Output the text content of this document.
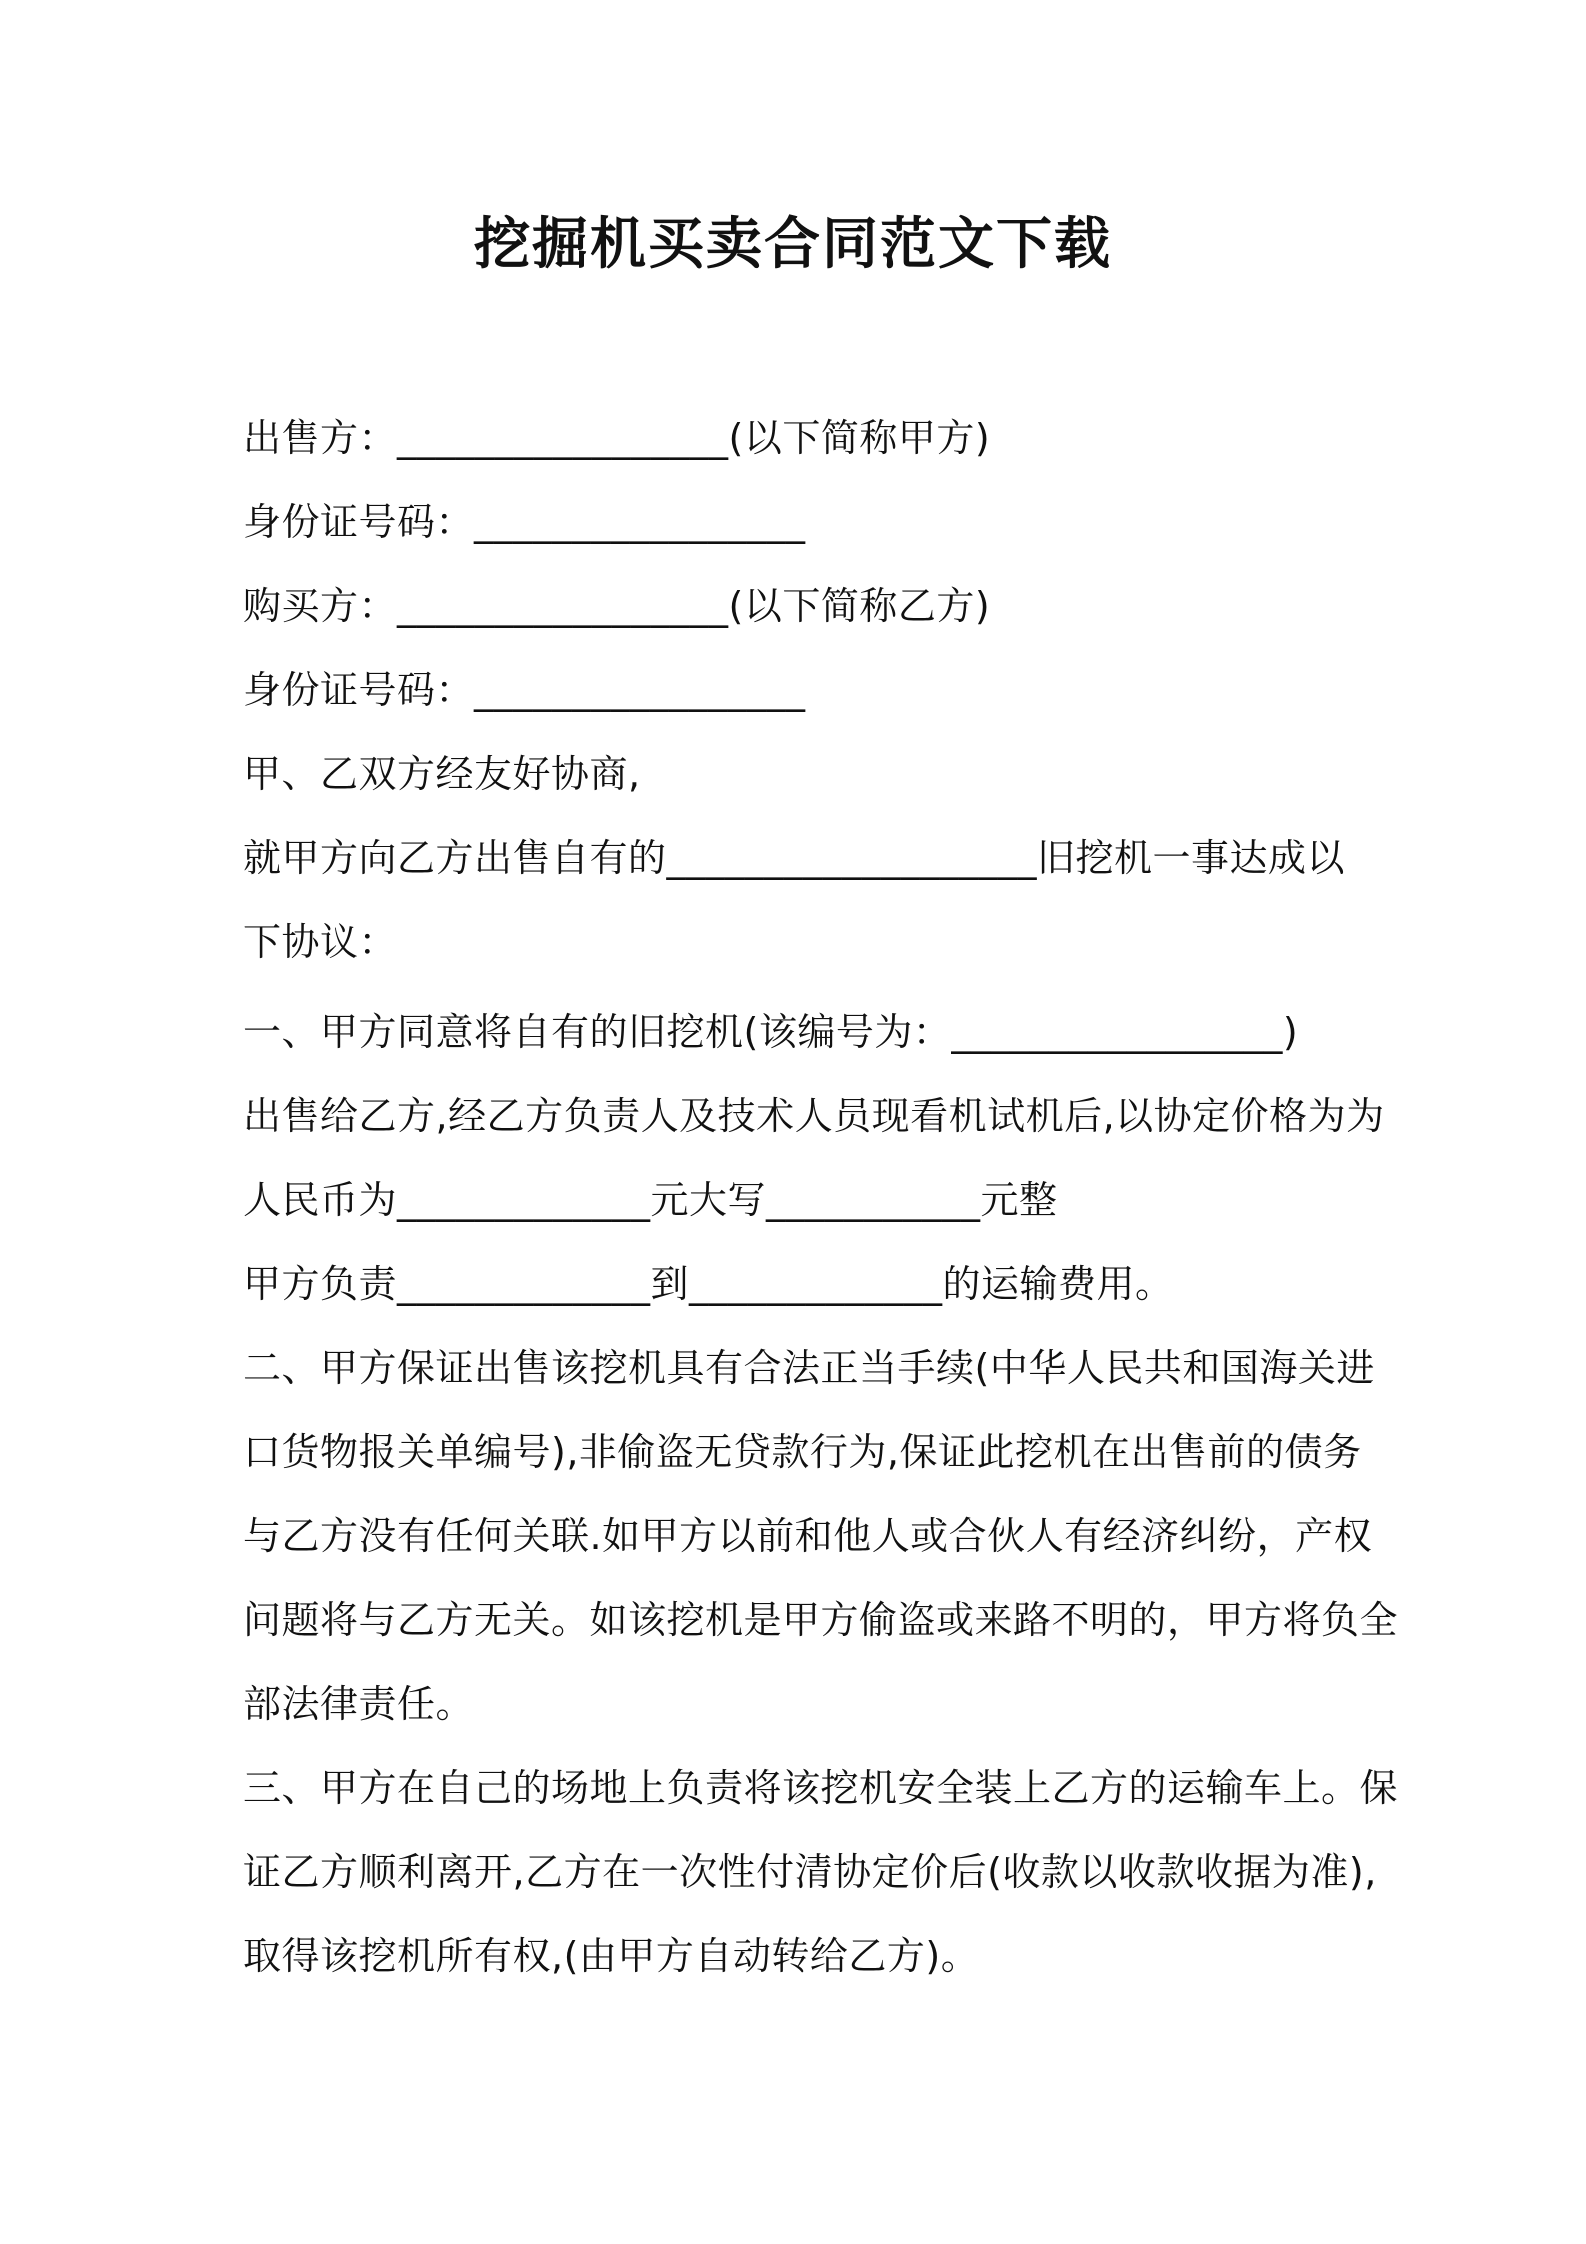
挖掘机买卖合同范文下载
出售方：_________________(以下简称甲方)
身份证号码：_________________
购买方：_________________(以下简称乙方)
身份证号码：_________________
甲、乙双方经友好协商,
就甲方向乙方出售自有的___________________旧挖机一事达成以
下协议：
一、甲方同意将自有的旧挖机(该编号为：_________________)
出售给乙方,经乙方负责人及技术人员现看机试机后,以协定价格为为
人民币为_____________元大写___________元整
甲方负责_____________到_____________的运输费用。
二、甲方保证出售该挖机具有合法正当手续(中华人民共和国海关进
口货物报关单编号),非偷盗无贷款行为,保证此挖机在出售前的债务
与乙方没有任何关联.如甲方以前和他人或合伙人有经济纠纷，产权
问题将与乙方无关。如该挖机是甲方偷盗或来路不明的，甲方将负全
部法律责任。
三、甲方在自己的场地上负责将该挖机安全装上乙方的运输车上。保
证乙方顺利离开,乙方在一次性付清协定价后(收款以收款收据为准),
取得该挖机所有权,(由甲方自动转给乙方)。
